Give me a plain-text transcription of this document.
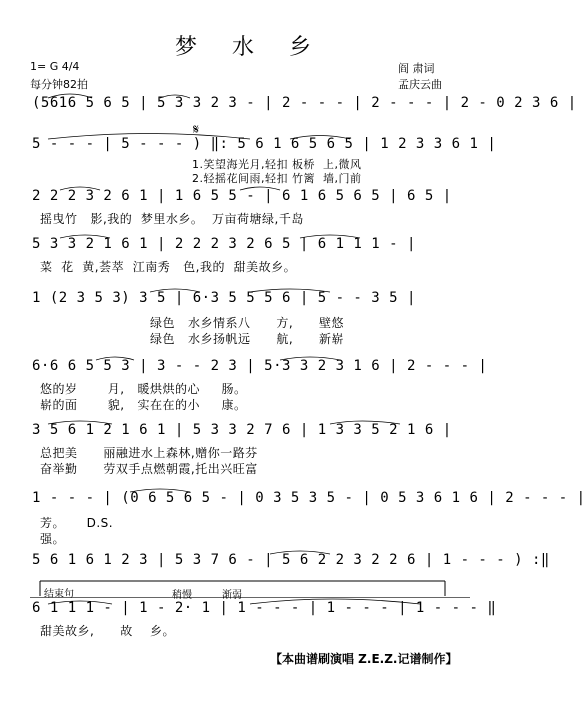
梦 水 乡
1= G 4/4
每分钟82拍
阎 肃词
孟庆云曲
(5616 5 6 5 | 5 3 3 2 3 - | 2 - - - | 2 - - - | 2 - 0 2 3 6 |
5 - - - | 5 - - - ) ‖: 5 6 1 6 5 6 5 | 1 2 3 3 6 1 |
1.笑望海光月,轻扣 板桥  上,微风
2.轻摇花间雨,轻扣 竹篱  墙,门前
𝄋
2 2 2 3 2 6 1 | 1 6 5 5 - | 6 1 6 5 6 5 | 6 5 |
摇曳竹   影,我的  梦里水乡。  万亩荷塘绿,千岛
5 3 3 2 1 6 1 | 2 2 2 3 2 6 5 | 6 1 1 1 - |
菜  花  黄,荟萃  江南秀   色,我的  甜美故乡。
1 (2 3 5 3) 3 5 | 6·3 5 5 5 6 | 5 - - 3 5 |
绿色   水乡情系八      方,      壁悠
绿色   水乡扬帆远      航,      新崭
6·6 6 5 5 3 | 3 - - 2 3 | 5·3 3 2 3 1 6 | 2 - - - |
悠的岁       月,   暖烘烘的心     肠。
崭的面       貌,   实在在的小     康。
3 5 6 1 2 1 6 1 | 5 3 3 2 7 6 | 1 3 3 5 2 1 6 |
总把美      丽融进水上森林,赠你一路芬
奋举勤      劳双手点燃朝霞,托出兴旺富
1 - - - | (0 6 5 6 5 - | 0 3 5 3 5 - | 0 5 3 6 1 6 | 2 - - - |
芳。     D.S.
强。
5 6 1 6 1 2 3 | 5 3 7 6 - | 5 6 2 2 3 2 2 6 | 1 - - - ) :‖
结束句	稍慢	渐弱
6 1 1 1 - | 1 - 2· 1 | 1 - - - | 1 - - - | 1 - - - ‖
甜美故乡,      故    乡。
【本曲谱刷演唱 Z.E.Z.记谱制作】
